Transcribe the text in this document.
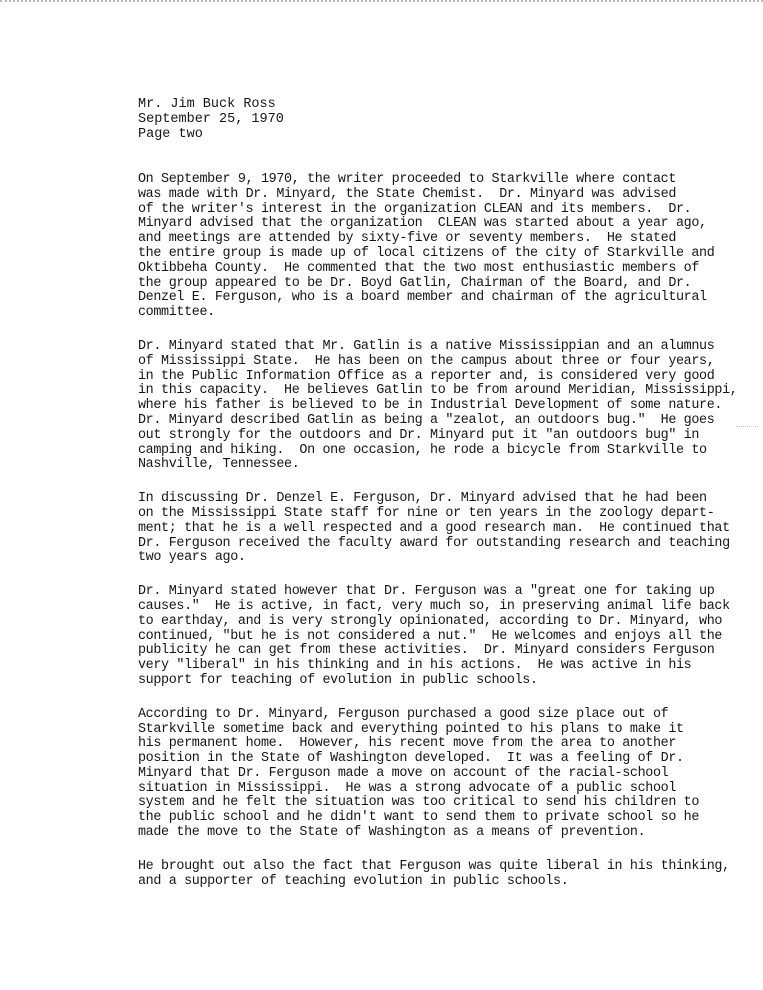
Mr. Jim Buck Ross
September 25, 1970
Page two
On September 9, 1970, the writer proceeded to Starkville where contact
was made with Dr. Minyard, the State Chemist.  Dr. Minyard was advised
of the writer's interest in the organization CLEAN and its members.  Dr.
Minyard advised that the organization  CLEAN was started about a year ago,
and meetings are attended by sixty-five or seventy members.  He stated
the entire group is made up of local citizens of the city of Starkville and
Oktibbeha County.  He commented that the two most enthusiastic members of
the group appeared to be Dr. Boyd Gatlin, Chairman of the Board, and Dr.
Denzel E. Ferguson, who is a board member and chairman of the agricultural
committee.
Dr. Minyard stated that Mr. Gatlin is a native Mississippian and an alumnus
of Mississippi State.  He has been on the campus about three or four years,
in the Public Information Office as a reporter and, is considered very good
in this capacity.  He believes Gatlin to be from around Meridian, Mississippi,
where his father is believed to be in Industrial Development of some nature.
Dr. Minyard described Gatlin as being a "zealot, an outdoors bug."  He goes
out strongly for the outdoors and Dr. Minyard put it "an outdoors bug" in
camping and hiking.  On one occasion, he rode a bicycle from Starkville to
Nashville, Tennessee.
In discussing Dr. Denzel E. Ferguson, Dr. Minyard advised that he had been
on the Mississippi State staff for nine or ten years in the zoology depart-
ment; that he is a well respected and a good research man.  He continued that
Dr. Ferguson received the faculty award for outstanding research and teaching
two years ago.
Dr. Minyard stated however that Dr. Ferguson was a "great one for taking up
causes."  He is active, in fact, very much so, in preserving animal life back
to earthday, and is very strongly opinionated, according to Dr. Minyard, who
continued, "but he is not considered a nut."  He welcomes and enjoys all the
publicity he can get from these activities.  Dr. Minyard considers Ferguson
very "liberal" in his thinking and in his actions.  He was active in his
support for teaching of evolution in public schools.
According to Dr. Minyard, Ferguson purchased a good size place out of
Starkville sometime back and everything pointed to his plans to make it
his permanent home.  However, his recent move from the area to another
position in the State of Washington developed.  It was a feeling of Dr.
Minyard that Dr. Ferguson made a move on account of the racial-school
situation in Mississippi.  He was a strong advocate of a public school
system and he felt the situation was too critical to send his children to
the public school and he didn't want to send them to private school so he
made the move to the State of Washington as a means of prevention.
He brought out also the fact that Ferguson was quite liberal in his thinking,
and a supporter of teaching evolution in public schools.
